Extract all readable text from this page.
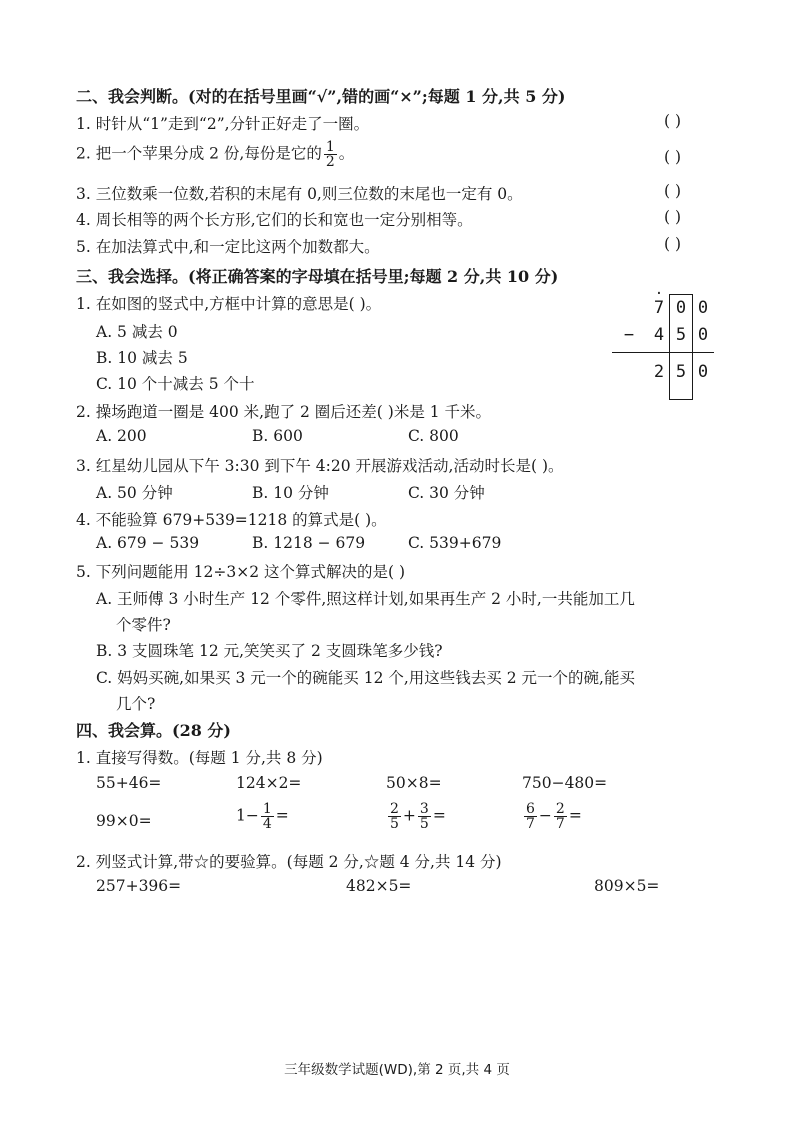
二、我会判断。(对的在括号里画“√”,错的画“×”;每题 1 分,共 5 分)
1. 时针从“1”走到“2”,分针正好走了一圈。	( )
2. 把一个苹果分成 2 份,每份是它的 $\frac{1}{2}$ 。	( )
3. 三位数乘一位数,若积的末尾有 0,则三位数的末尾也一定有 0。	( )
4. 周长相等的两个长方形,它们的长和宽也一定分别相等。	( )
5. 在加法算式中,和一定比这两个加数都大。	( )
三、我会选择。(将正确答案的字母填在括号里;每题 2 分,共 10 分)
1. 在如图的竖式中,方框中计算的意思是( )。
A. 5 减去 0
B. 10 减去 5
C. 10 个十减去 5 个十
·
7 0 0
− 4 5 0
2 5 0
2. 操场跑道一圈是 400 米,跑了 2 圈后还差( )米是 1 千米。
A. 200	B. 600	C. 800
3. 红星幼儿园从下午 3:30 到下午 4:20 开展游戏活动,活动时长是( )。
A. 50 分钟	B. 10 分钟	C. 30 分钟
4. 不能验算 679+539=1218 的算式是( )。
A. 679 − 539	B. 1218 − 679	C. 539+679
5. 下列问题能用 12÷3×2 这个算式解决的是( )
A. 王师傅 3 小时生产 12 个零件,照这样计划,如果再生产 2 小时,一共能加工几
个零件?
B. 3 支圆珠笔 12 元,笑笑买了 2 支圆珠笔多少钱?
C. 妈妈买碗,如果买 3 元一个的碗能买 12 个,用这些钱去买 2 元一个的碗,能买
几个?
四、我会算。(28 分)
1. 直接写得数。(每题 1 分,共 8 分)
55+46=	124×2=	50×8=	750−480=
99×0=	$1- \frac{1}{4}$ =	$\frac{2}{5} + \frac{3}{5}$ =	$\frac{6}{7} - \frac{2}{7}$ =
2. 列竖式计算,带☆的要验算。(每题 2 分,☆题 4 分,共 14 分)
257+396=	482×5=	809×5=
三年级数学试题(WD),第 2 页,共 4 页
